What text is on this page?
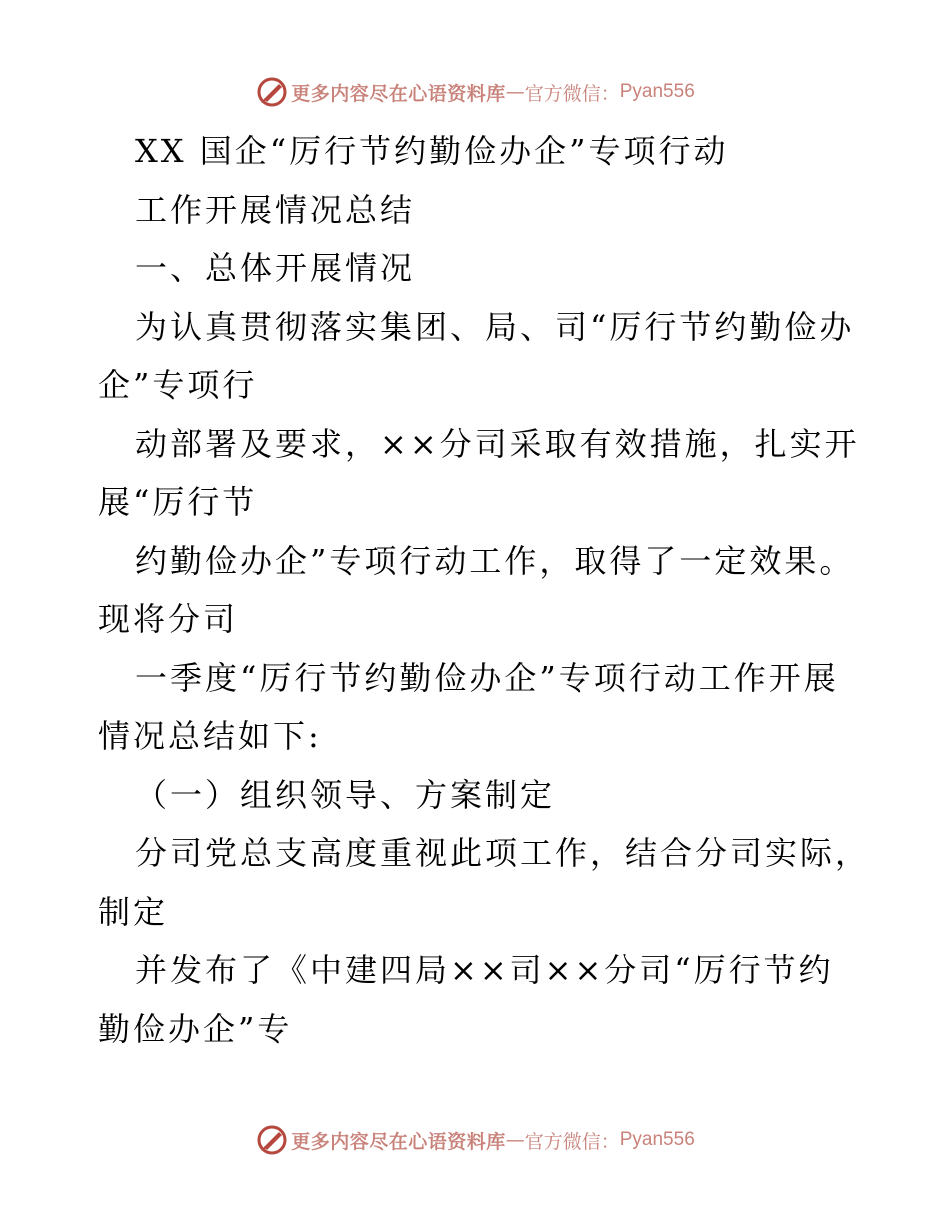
更多内容尽在心语资料库 — 官方微信： Pyan556
XX 国企“厉行节约勤俭办企”专项行动
工作开展情况总结
一、总体开展情况
为认真贯彻落实集团、局、司“厉行节约勤俭办
企”专项行
动部署及要求，××分司采取有效措施，扎实开
展“厉行节
约勤俭办企”专项行动工作，取得了一定效果。
现将分司
一季度“厉行节约勤俭办企”专项行动工作开展
情况总结如下:
（一）组织领导、方案制定
分司党总支高度重视此项工作，结合分司实际，
制定
并发布了《中建四局××司××分司“厉行节约
勤俭办企”专
更多内容尽在心语资料库 — 官方微信： Pyan556
